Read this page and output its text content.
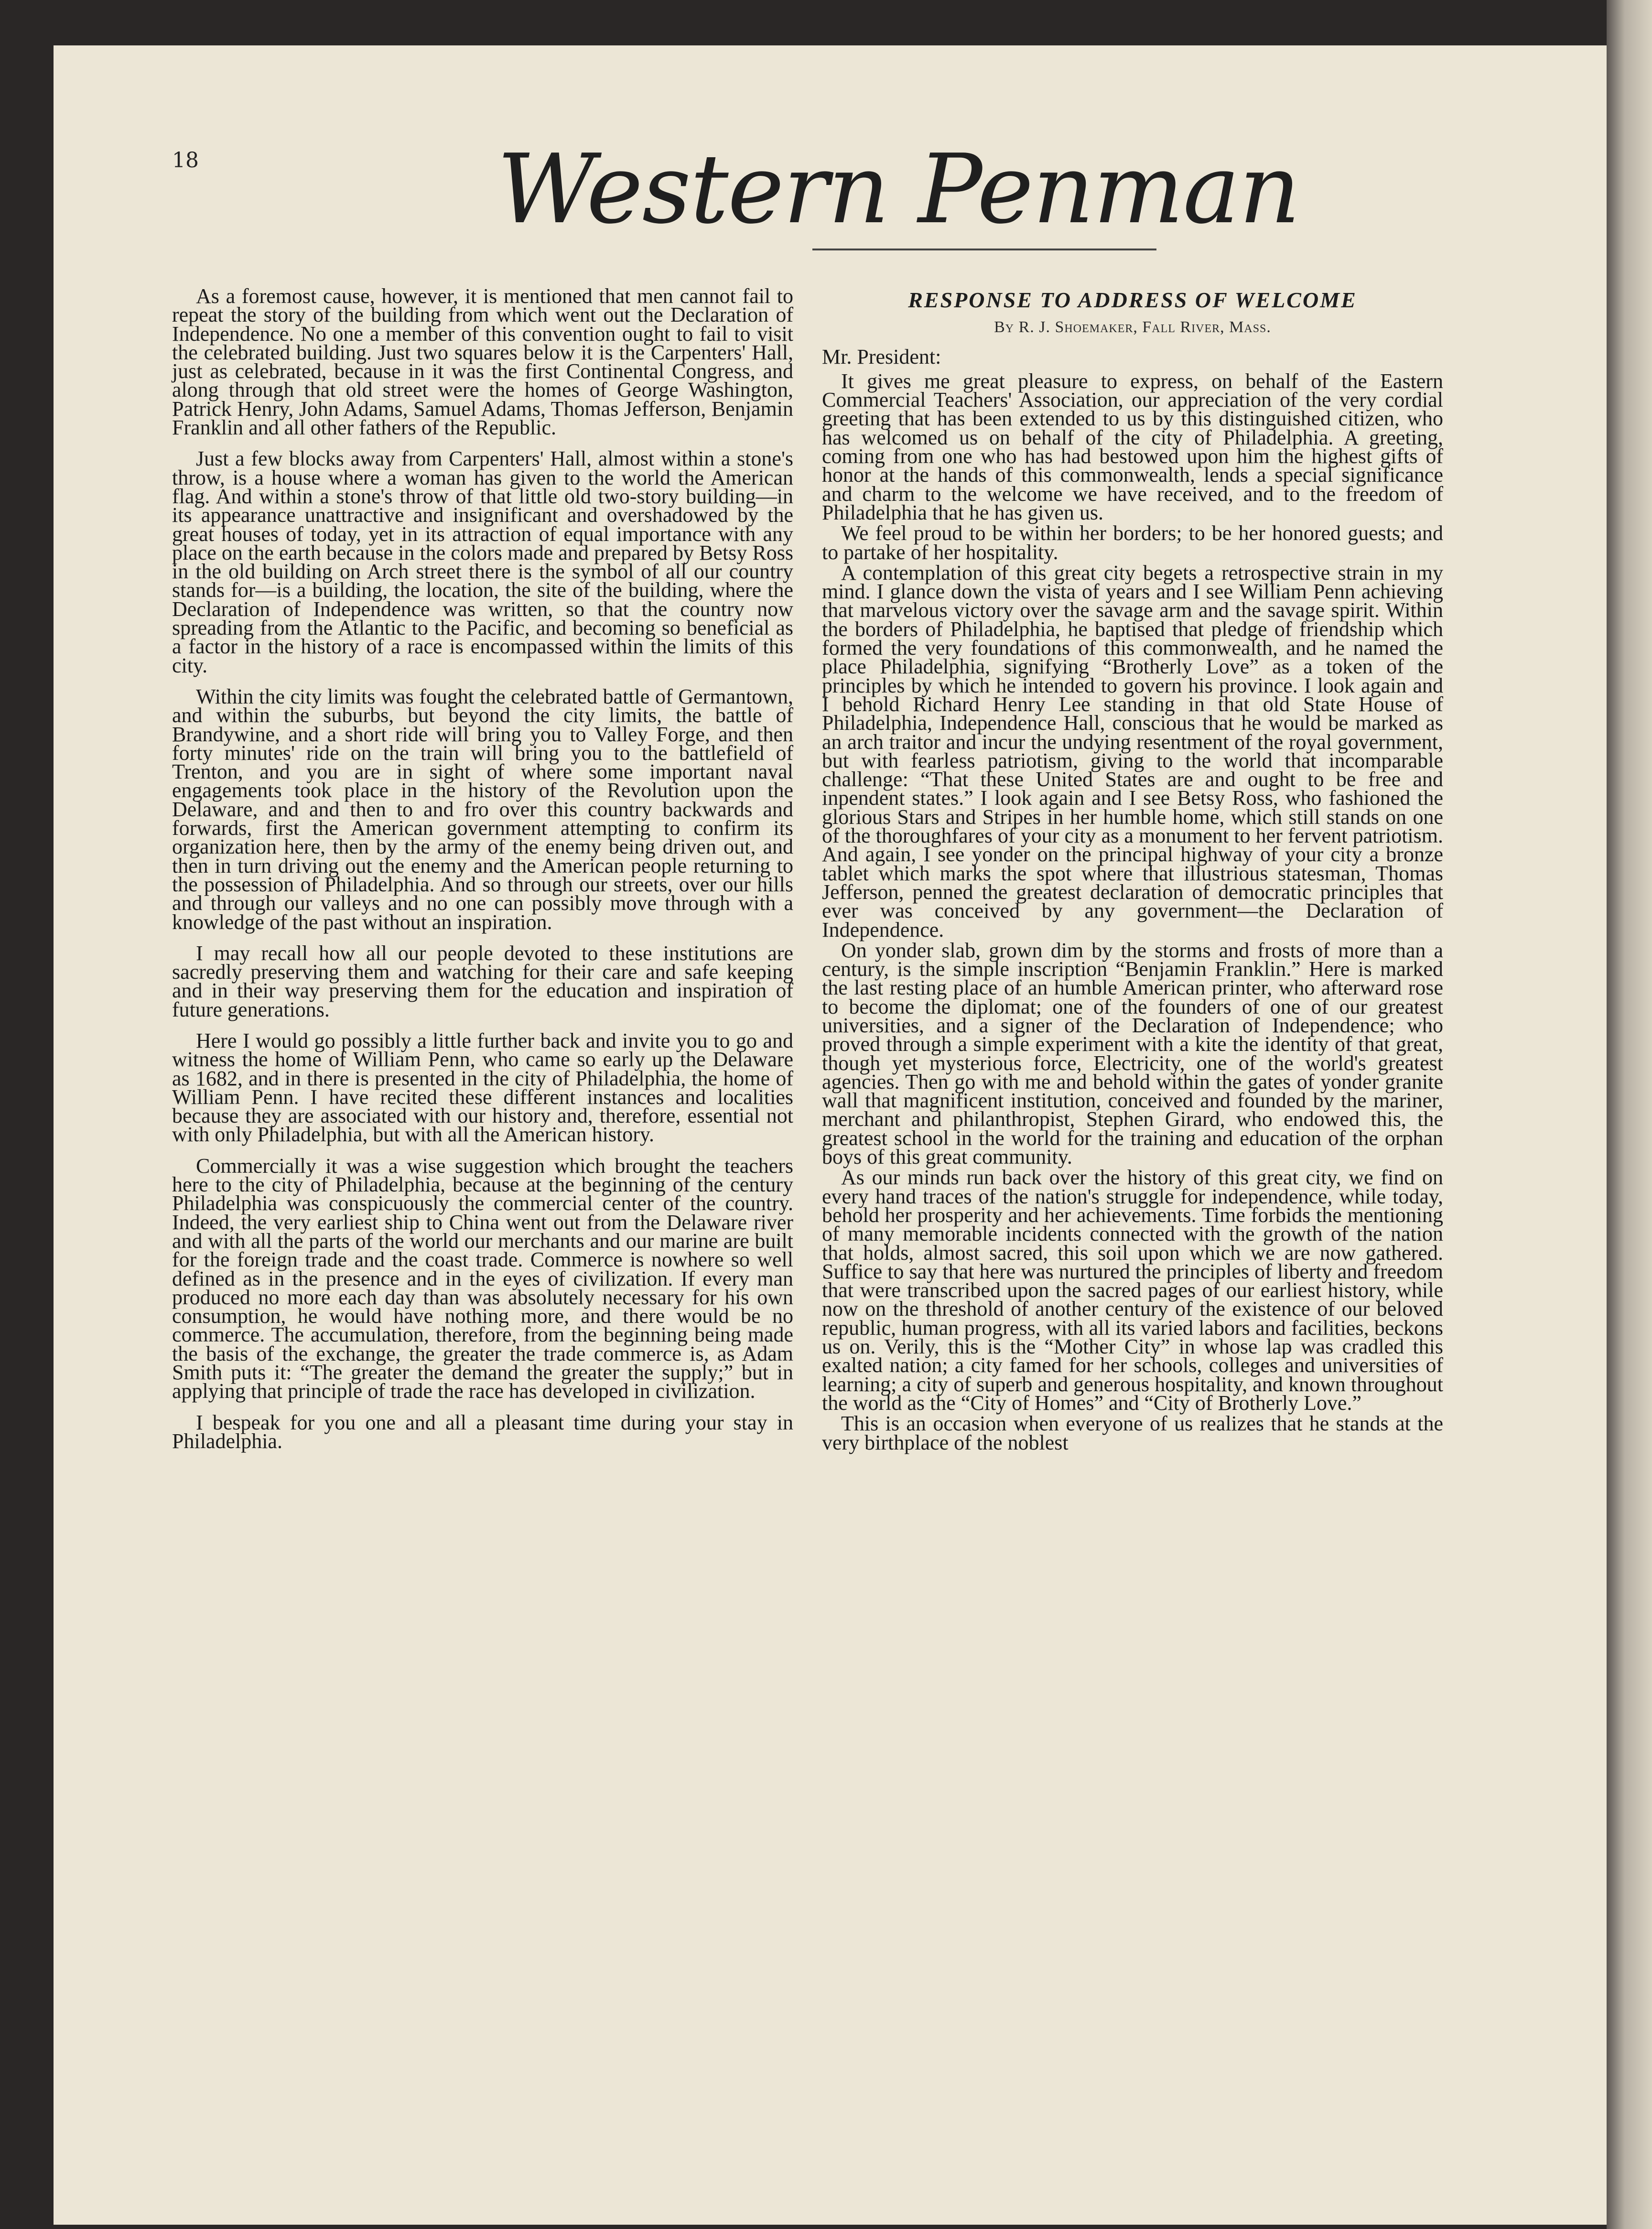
18	Western Penman

As a foremost cause, however, it is mentioned that men cannot fail to repeat the story of the building from which went out the Declaration of Independence. No one a member of this convention ought to fail to visit the celebrated building. Just two squares below it is the Carpenters' Hall, just as celebrated, because in it was the first Continental Congress, and along through that old street were the homes of George Washington, Patrick Henry, John Adams, Samuel Adams, Thomas Jefferson, Benjamin Franklin and all other fathers of the Republic.

Just a few blocks away from Carpenters' Hall, almost within a stone's throw, is a house where a woman has given to the world the American flag. And within a stone's throw of that little old two-story building—in its appearance unattractive and insignificant and overshadowed by the great houses of today, yet in its attraction of equal importance with any place on the earth because in the colors made and prepared by Betsy Ross in the old building on Arch street there is the symbol of all our country stands for—is a building, the location, the site of the building, where the Declaration of Independence was written, so that the country now spreading from the Atlantic to the Pacific, and becoming so beneficial as a factor in the history of a race is encompassed within the limits of this city.

Within the city limits was fought the celebrated battle of Germantown, and within the suburbs, but beyond the city limits, the battle of Brandywine, and a short ride will bring you to Valley Forge, and then forty minutes' ride on the train will bring you to the battlefield of Trenton, and you are in sight of where some important naval engagements took place in the history of the Revolution upon the Delaware, and and then to and fro over this country backwards and forwards, first the American government attempting to confirm its organization here, then by the army of the enemy being driven out, and then in turn driving out the enemy and the American people returning to the possession of Philadelphia. And so through our streets, over our hills and through our valleys and no one can possibly move through with a knowledge of the past without an inspiration.

I may recall how all our people devoted to these institutions are sacredly preserving them and watching for their care and safe keeping and in their way preserving them for the education and inspiration of future generations.

Here I would go possibly a little further back and invite you to go and witness the home of William Penn, who came so early up the Delaware as 1682, and in there is presented in the city of Philadelphia, the home of William Penn. I have recited these different instances and localities because they are associated with our history and, therefore, essential not with only Philadelphia, but with all the American history.

Commercially it was a wise suggestion which brought the teachers here to the city of Philadelphia, because at the beginning of the century Philadelphia was conspicuously the commercial center of the country. Indeed, the very earliest ship to China went out from the Delaware river and with all the parts of the world our merchants and our marine are built for the foreign trade and the coast trade. Commerce is nowhere so well defined as in the presence and in the eyes of civilization. If every man produced no more each day than was absolutely necessary for his own consumption, he would have nothing more, and there would be no commerce. The accumulation, therefore, from the beginning being made the basis of the exchange, the greater the trade commerce is, as Adam Smith puts it: “The greater the demand the greater the supply;” but in applying that principle of trade the race has developed in civilization.

I bespeak for you one and all a pleasant time during your stay in Philadelphia.

RESPONSE TO ADDRESS OF WELCOME
By R. J. Shoemaker, Fall River, Mass.

Mr. President:

It gives me great pleasure to express, on behalf of the Eastern Commercial Teachers' Association, our appreciation of the very cordial greeting that has been extended to us by this distinguished citizen, who has welcomed us on behalf of the city of Philadelphia. A greeting, coming from one who has had bestowed upon him the highest gifts of honor at the hands of this commonwealth, lends a special significance and charm to the welcome we have received, and to the freedom of Philadelphia that he has given us.

We feel proud to be within her borders; to be her honored guests; and to partake of her hospitality.

A contemplation of this great city begets a retrospective strain in my mind. I glance down the vista of years and I see William Penn achieving that marvelous victory over the savage arm and the savage spirit. Within the borders of Philadelphia, he baptised that pledge of friendship which formed the very foundations of this commonwealth, and he named the place Philadelphia, signifying “Brotherly Love” as a token of the principles by which he intended to govern his province. I look again and I behold Richard Henry Lee standing in that old State House of Philadelphia, Independence Hall, conscious that he would be marked as an arch traitor and incur the undying resentment of the royal government, but with fearless patriotism, giving to the world that incomparable challenge: “That these United States are and ought to be free and inpendent states.” I look again and I see Betsy Ross, who fashioned the glorious Stars and Stripes in her humble home, which still stands on one of the thoroughfares of your city as a monument to her fervent patriotism. And again, I see yonder on the principal highway of your city a bronze tablet which marks the spot where that illustrious statesman, Thomas Jefferson, penned the greatest declaration of democratic principles that ever was conceived by any government—the Declaration of Independence.

On yonder slab, grown dim by the storms and frosts of more than a century, is the simple inscription “Benjamin Franklin.” Here is marked the last resting place of an humble American printer, who afterward rose to become the diplomat; one of the founders of one of our greatest universities, and a signer of the Declaration of Independence; who proved through a simple experiment with a kite the identity of that great, though yet mysterious force, Electricity, one of the world's greatest agencies. Then go with me and behold within the gates of yonder granite wall that magnificent institution, conceived and founded by the mariner, merchant and philanthropist, Stephen Girard, who endowed this, the greatest school in the world for the training and education of the orphan boys of this great community.

As our minds run back over the history of this great city, we find on every hand traces of the nation's struggle for independence, while today, behold her prosperity and her achievements. Time forbids the mentioning of many memorable incidents connected with the growth of the nation that holds, almost sacred, this soil upon which we are now gathered. Suffice to say that here was nurtured the principles of liberty and freedom that were transcribed upon the sacred pages of our earliest history, while now on the threshold of another century of the existence of our beloved republic, human progress, with all its varied labors and facilities, beckons us on. Verily, this is the “Mother City” in whose lap was cradled this exalted nation; a city famed for her schools, colleges and universities of learning; a city of superb and generous hospitality, and known throughout the world as the “City of Homes” and “City of Brotherly Love.”

This is an occasion when everyone of us realizes that he stands at the very birthplace of the noblest
